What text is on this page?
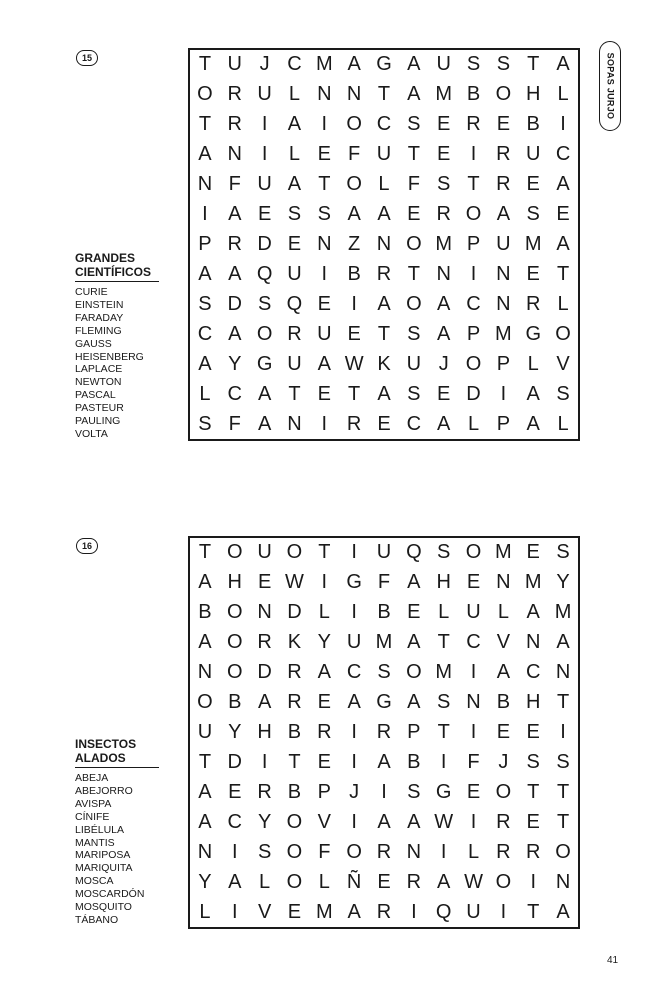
SOPAS JURJO
15	T U J C M A G A U S S T A
O R U L N N T A M B O H L
T R I	A	I O C S E R E B	I
A N I	L E F U T E	I R U C
N F U A T O L F S T R E A
I	A E S S A A E R O A S E
P R D E N Z N O M P U M A
A A Q U I	B R T N I N E T
S D S Q E	I	A O A C N R L
C A O R U E T S A P M G O
A Y G U A W K U J O P L V
L C A T E T A S E D I	A S
S F A N I R E C A L P A L

GRANDES
CIENTÍFICOS

CURIE
EINSTEIN
FARADAY
FLEMING
GAUSS
HEISENBERG
LAPLACE
NEWTON
PASCAL
PASTEUR
PAULING
VOLTA
16	T O U O T	I U Q S O M E S
A H E W I G F A H E N M Y
B O N D L	I	B E L U L A M
A O R K Y U M A T C V N A
N O D R A C S O M I	A C N
O B A R E A G A S N B H T
U Y H B R I R P T	I	E E	I
T D I	T E	I	A B	I	F J S S
A E R B P J	I	S G E O T T
A C Y O V	I	A A W I R E T
N I	S O F O R N I	L R R O
Y A L O L Ñ E R A W O I N
L	I	V E M A R I Q U I	T A

INSECTOS
ALADOS

ABEJA
ABEJORRO
AVISPA
CÍNIFE
LIBÉLULA
MANTIS
MARIPOSA
MARIQUITA
MOSCA
MOSCARDÓN
MOSQUITO
TÁBANO
41
